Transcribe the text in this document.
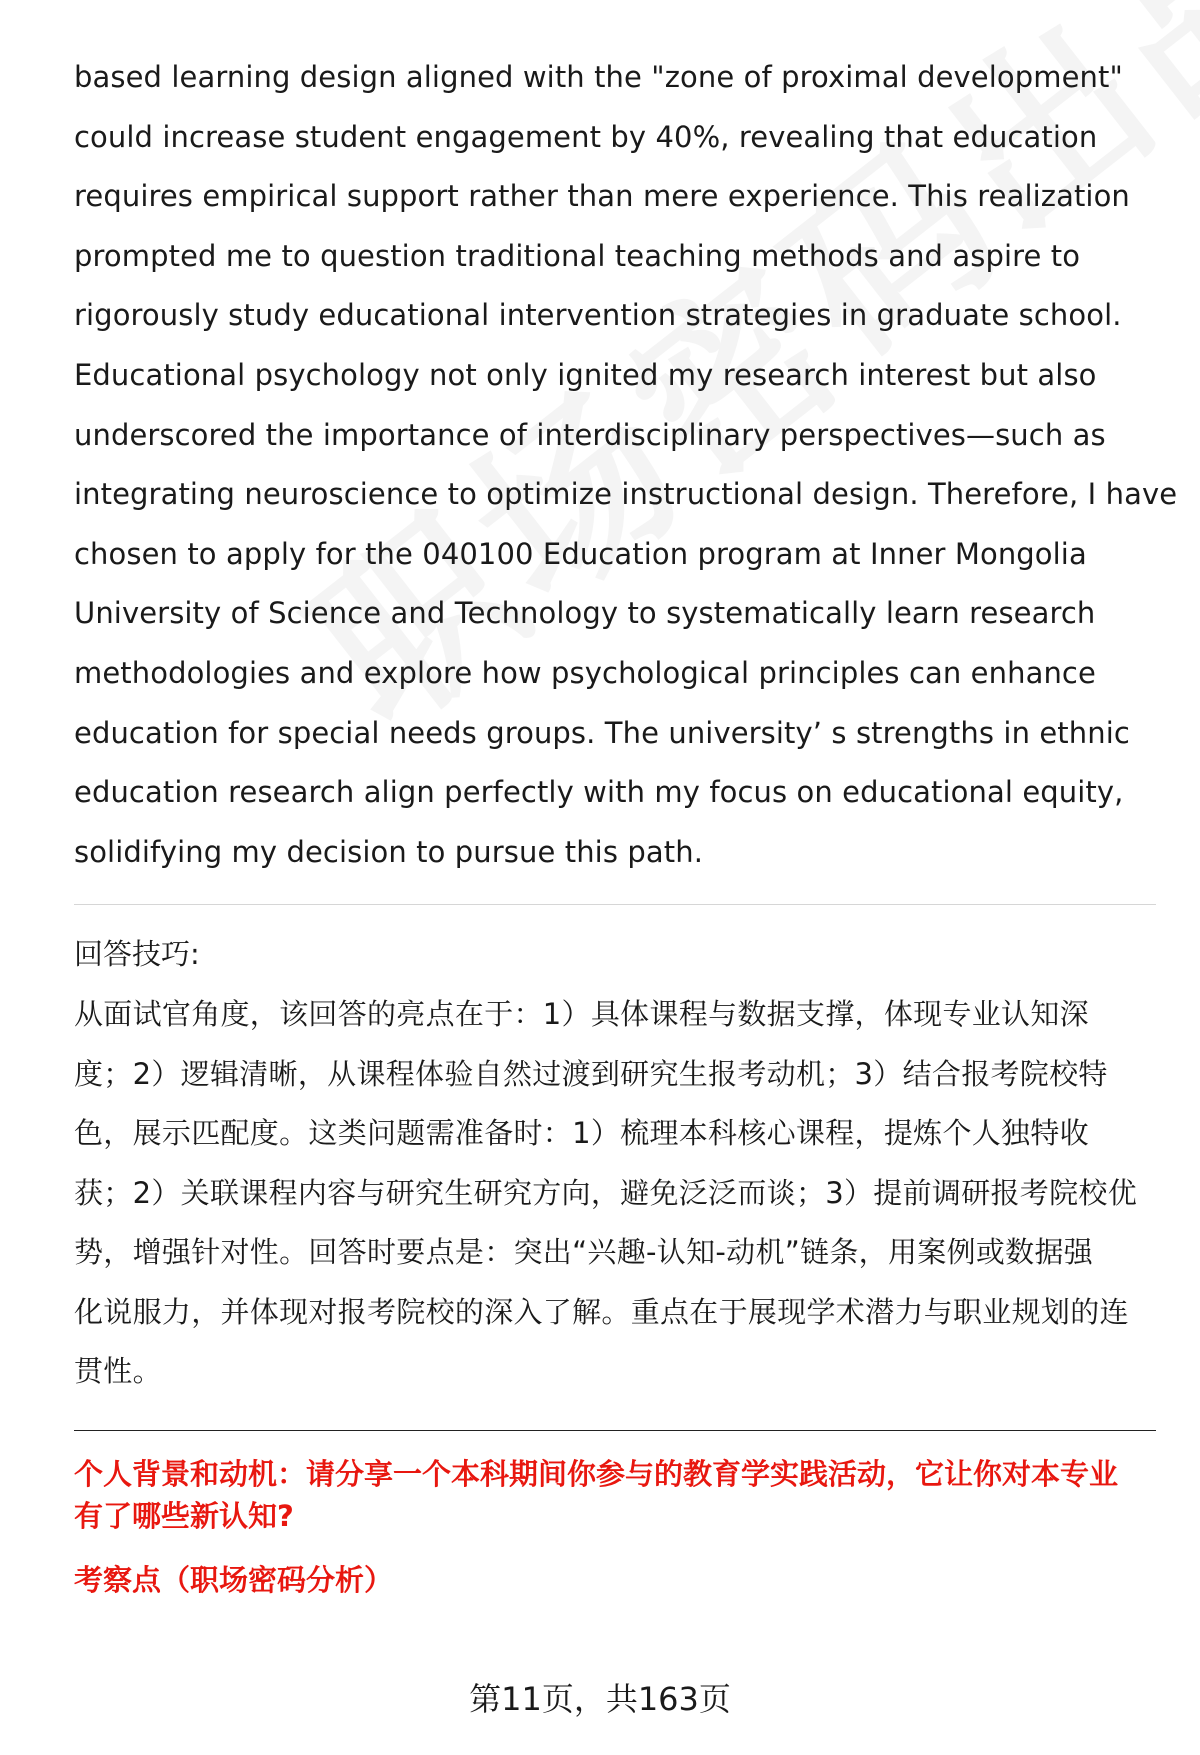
based learning design aligned with the "zone of proximal development"
could increase student engagement by 40%, revealing that education
requires empirical support rather than mere experience. This realization
prompted me to question traditional teaching methods and aspire to
rigorously study educational intervention strategies in graduate school.
Educational psychology not only ignited my research interest but also
underscored the importance of interdisciplinary perspectives—such as
integrating neuroscience to optimize instructional design. Therefore, I have
chosen to apply for the 040100 Education program at Inner Mongolia
University of Science and Technology to systematically learn research
methodologies and explore how psychological principles can enhance
education for special needs groups. The university’ s strengths in ethnic
education research align perfectly with my focus on educational equity,
solidifying my decision to pursue this path.
回答技巧:
从面试官角度，该回答的亮点在于：1）具体课程与数据支撑，体现专业认知深
度；2）逻辑清晰，从课程体验自然过渡到研究生报考动机；3）结合报考院校特
色，展示匹配度。这类问题需准备时：1）梳理本科核心课程，提炼个人独特收
获；2）关联课程内容与研究生研究方向，避免泛泛而谈；3）提前调研报考院校优
势，增强针对性。回答时要点是：突出“兴趣-认知-动机”链条，用案例或数据强
化说服力，并体现对报考院校的深入了解。重点在于展现学术潜力与职业规划的连
贯性。
个人背景和动机：请分享一个本科期间你参与的教育学实践活动，它让你对本专业
有了哪些新认知?
考察点（职场密码分析）
第11页，共163页
